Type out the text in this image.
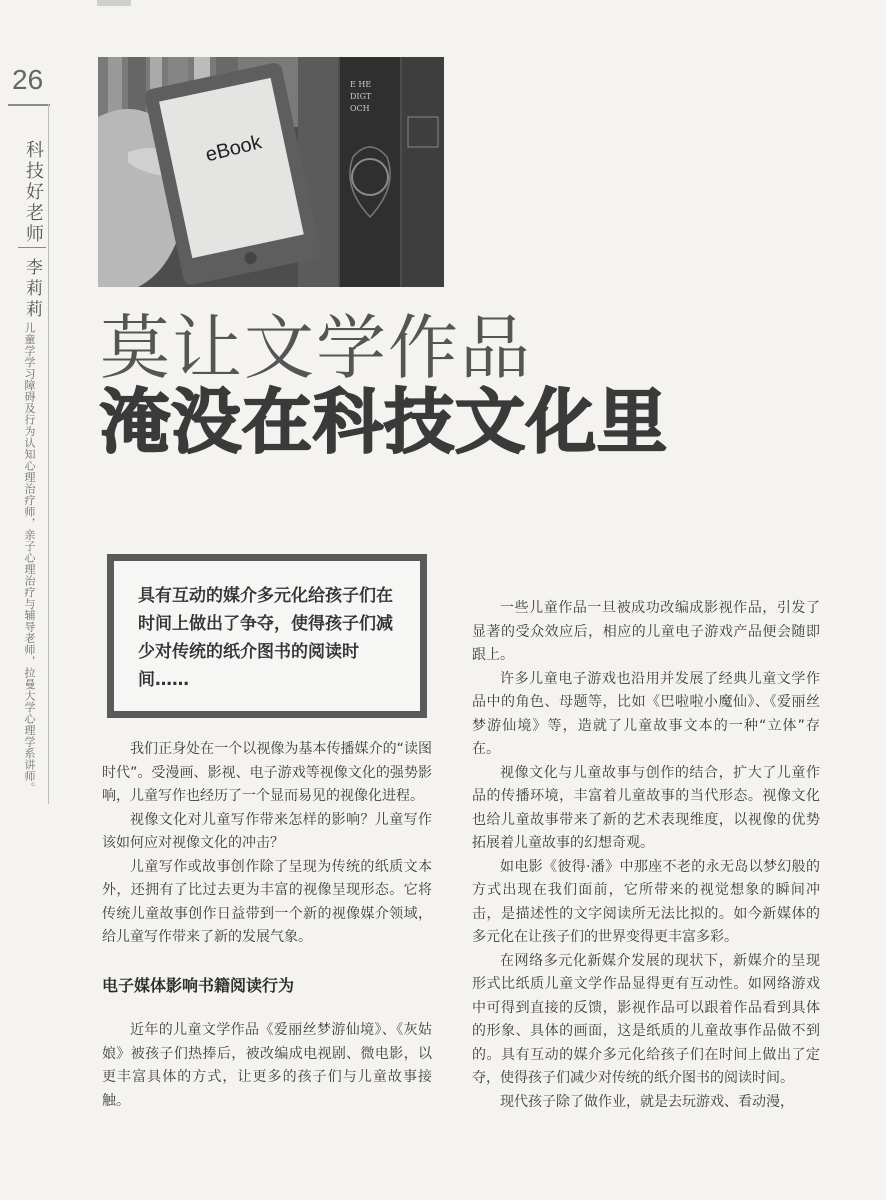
26
科技好老师
李莉莉
儿童学学习障碍及行为认知心理治疗师，亲子心理治疗与辅导老师，拉曼大学心理学系讲师。
E HE
DIGT
OCH
eBook
莫让文学作品
淹没在科技文化里
具有互动的媒介多元化给孩子们在时间上做出了争夺，使得孩子们减少对传统的纸介图书的阅读时间……

我们正身处在一个以视像为基本传播媒介的“读图时代”。受漫画、影视、电子游戏等视像文化的强势影响，儿童写作也经历了一个显而易见的视像化进程。

视像文化对儿童写作带来怎样的影响？儿童写作该如何应对视像文化的冲击？

儿童写作或故事创作除了呈现为传统的纸质文本外，还拥有了比过去更为丰富的视像呈现形态。它将传统儿童故事创作日益带到一个新的视像媒介领域，给儿童写作带来了新的发展气象。

电子媒体影响书籍阅读行为

近年的儿童文学作品《爱丽丝梦游仙境》、《灰姑娘》被孩子们热捧后，被改编成电视剧、微电影，以更丰富具体的方式，让更多的孩子们与儿童故事接触。

一些儿童作品一旦被成功改编成影视作品，引发了显著的受众效应后，相应的儿童电子游戏产品便会随即跟上。

许多儿童电子游戏也沿用并发展了经典儿童文学作品中的角色、母题等，比如《巴啦啦小魔仙》、《爱丽丝梦游仙境》等，造就了儿童故事文本的一种“立体”存在。

视像文化与儿童故事与创作的结合，扩大了儿童作品的传播环境，丰富着儿童故事的当代形态。视像文化也给儿童故事带来了新的艺术表现维度，以视像的优势拓展着儿童故事的幻想奇观。

如电影《彼得·潘》中那座不老的永无岛以梦幻般的方式出现在我们面前，它所带来的视觉想象的瞬间冲击，是描述性的文字阅读所无法比拟的。如今新媒体的多元化在让孩子们的世界变得更丰富多彩。

在网络多元化新媒介发展的现状下，新媒介的呈现形式比纸质儿童文学作品显得更有互动性。如网络游戏中可得到直接的反馈，影视作品可以跟着作品看到具体的形象、具体的画面，这是纸质的儿童故事作品做不到的。具有互动的媒介多元化给孩子们在时间上做出了定夺，使得孩子们减少对传统的纸介图书的阅读时间。

现代孩子除了做作业，就是去玩游戏、看动漫，
